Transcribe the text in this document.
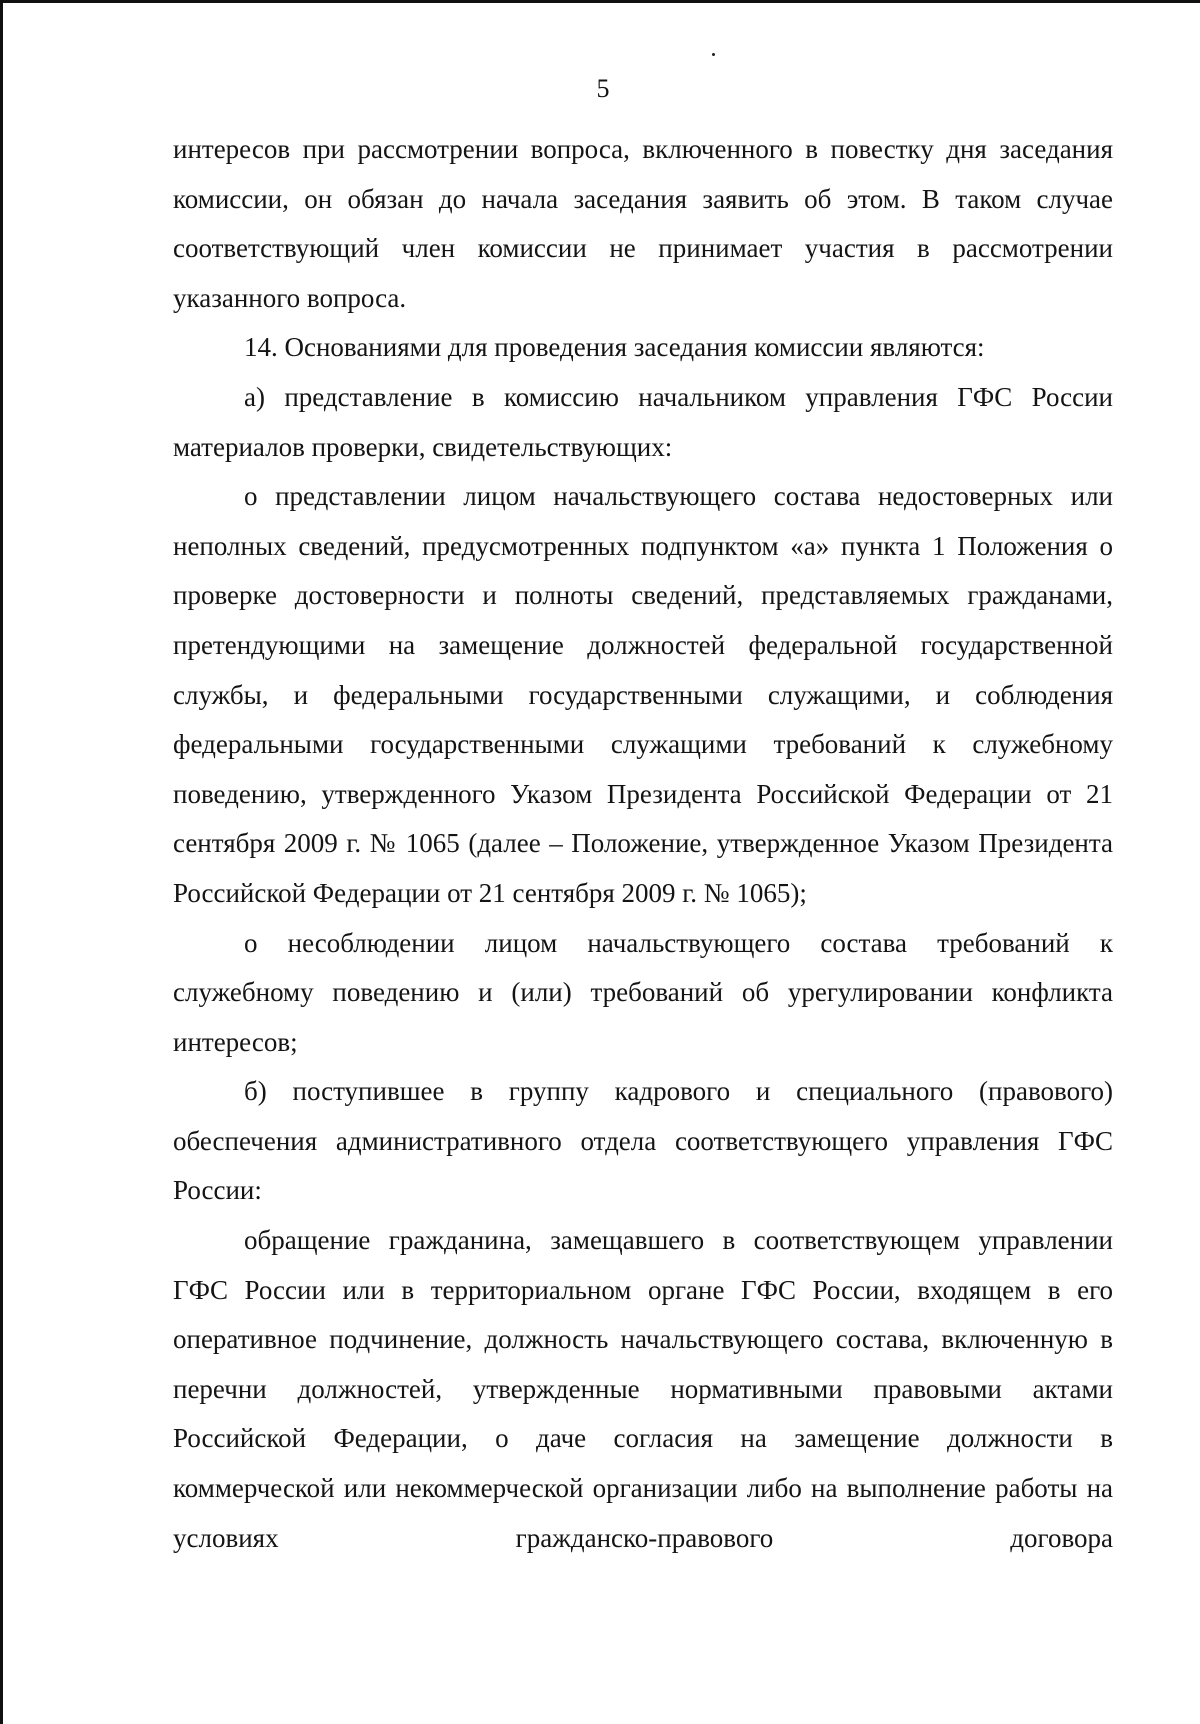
5

интересов при рассмотрении вопроса, включенного в повестку дня заседания комиссии, он обязан до начала заседания заявить об этом. В таком случае соответствующий член комиссии не принимает участия в рассмотрении указанного вопроса.

14. Основаниями для проведения заседания комиссии являются:

а) представление в комиссию начальником управления ГФС России материалов проверки, свидетельствующих:

о представлении лицом начальствующего состава недостоверных или неполных сведений, предусмотренных подпунктом «а» пункта 1 Положения о проверке достоверности и полноты сведений, представляемых гражданами, претендующими на замещение должностей федеральной государственной службы, и федеральными государственными служащими, и соблюдения федеральными государственными служащими требований к служебному поведению, утвержденного Указом Президента Российской Федерации от 21 сентября 2009 г. № 1065 (далее – Положение, утвержденное Указом Президента Российской Федерации от 21 сентября 2009 г. № 1065);

о несоблюдении лицом начальствующего состава требований к служебному поведению и (или) требований об урегулировании конфликта интересов;

б) поступившее в группу кадрового и специального (правового) обеспечения административного отдела соответствующего управления ГФС России:

обращение гражданина, замещавшего в соответствующем управлении ГФС России или в территориальном органе ГФС России, входящем в его оперативное подчинение, должность начальствующего состава, включенную в перечни должностей, утвержденные нормативными правовыми актами Российской Федерации, о даче согласия на замещение должности в коммерческой или некоммерческой организации либо на выполнение работы на условиях гражданско-правового договора
